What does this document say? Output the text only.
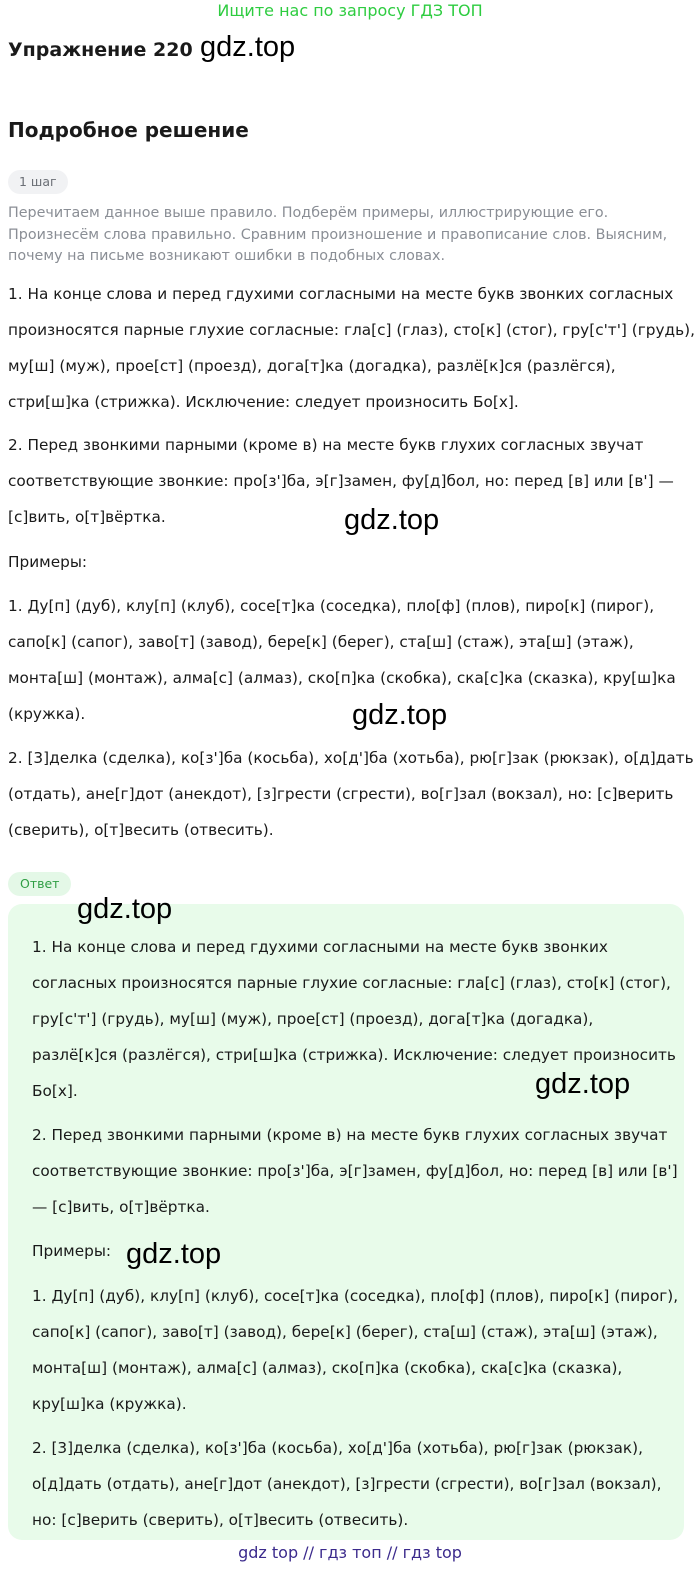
Ищите нас по запросу ГДЗ ТОП
Упражнение 220 gdz.top
Подробное решение
1 шаг
Перечитаем данное выше правило. Подберём примеры, иллюстрирующие его. Произнесём слова правильно. Сравним произношение и правописание слов. Выясним, почему на письме возникают ошибки в подобных словах.
1. На конце слова и перед гдухими согласными на месте букв звонких согласных произносятся парные глухие согласные: гла[с] (глаз), сто[к] (стог), гру[с'т'] (грудь), му[ш] (муж), прое[ст] (проезд), дога[т]ка (догадка), разлё[к]ся (разлёгся), стри[ш]ка (стрижка). Исключение: следует произносить Бо[х].
2. Перед звонкими парными (кроме в) на месте букв глухих согласных звучат соответствующие звонкие: про[з']ба, э[г]замен, фу[д]бол, но: перед [в] или [в'] — [с]вить, о[т]вёртка.	gdz.top
Примеры:
1. Ду[п] (дуб), клу[п] (клуб), сосе[т]ка (соседка), пло[ф] (плов), пиро[к] (пирог), сапо[к] (сапог), заво[т] (завод), бере[к] (берег), ста[ш] (стаж), эта[ш] (этаж), монта[ш] (монтаж), алма[с] (алмаз), ско[п]ка (скобка), ска[с]ка (сказка), кру[ш]ка (кружка).	gdz.top
2. [3]делка (сделка), ко[з']ба (косьба), хо[д']ба (хотьба), рю[г]зак (рюкзак), о[д]дать (отдать), ане[г]дот (анекдот), [з]грести (сгрести), во[г]зал (вокзал), но: [с]верить (сверить), о[т]весить (отвесить).
Ответ
gdz.top
1. На конце слова и перед гдухими согласными на месте букв звонких согласных произносятся парные глухие согласные: гла[с] (глаз), сто[к] (стог), гру[с'т'] (грудь), му[ш] (муж), прое[ст] (проезд), дога[т]ка (догадка), разлё[к]ся (разлёгся), стри[ш]ка (стрижка). Исключение: следует произносить Бо[х].	gdz.top
2. Перед звонкими парными (кроме в) на месте букв глухих согласных звучат соответствующие звонкие: про[з']ба, э[г]замен, фу[д]бол, но: перед [в] или [в'] — [с]вить, о[т]вёртка.
Примеры: gdz.top
1. Ду[п] (дуб), клу[п] (клуб), сосе[т]ка (соседка), пло[ф] (плов), пиро[к] (пирог), сапо[к] (сапог), заво[т] (завод), бере[к] (берег), ста[ш] (стаж), эта[ш] (этаж), монта[ш] (монтаж), алма[с] (алмаз), ско[п]ка (скобка), ска[с]ка (сказка), кру[ш]ка (кружка).
2. [3]делка (сделка), ко[з']ба (косьба), хо[д']ба (хотьба), рю[г]зак (рюкзак), о[д]дать (отдать), ане[г]дот (анекдот), [з]грести (сгрести), во[г]зал (вокзал), но: [с]верить (сверить), о[т]весить (отвесить).
gdz top // гдз топ // гдз top
